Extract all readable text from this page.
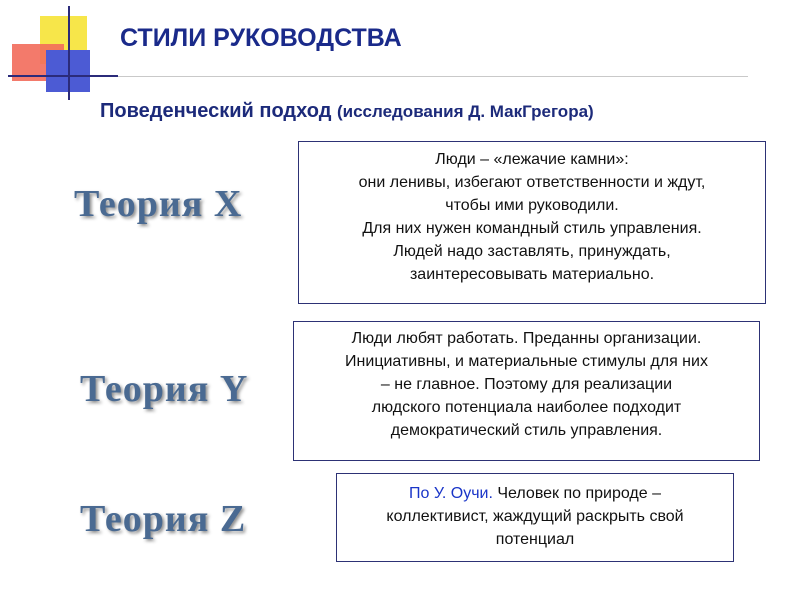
СТИЛИ РУКОВОДСТВА
Поведенческий подход (исследования Д. МакГрегора)
Теория X
Теория Y
Теория Z
Люди – «лежачие камни»:
они ленивы, избегают ответственности и ждут,
чтобы ими руководили.
Для них нужен командный стиль управления.
Людей надо заставлять, принуждать,
заинтересовывать материально.
Люди любят работать. Преданны организации.
Инициативны, и материальные стимулы для них
– не главное. Поэтому для реализации
людского потенциала наиболее подходит
демократический стиль управления.
По У. Оучи. Человек по природе –
коллективист, жаждущий раскрыть свой
потенциал
